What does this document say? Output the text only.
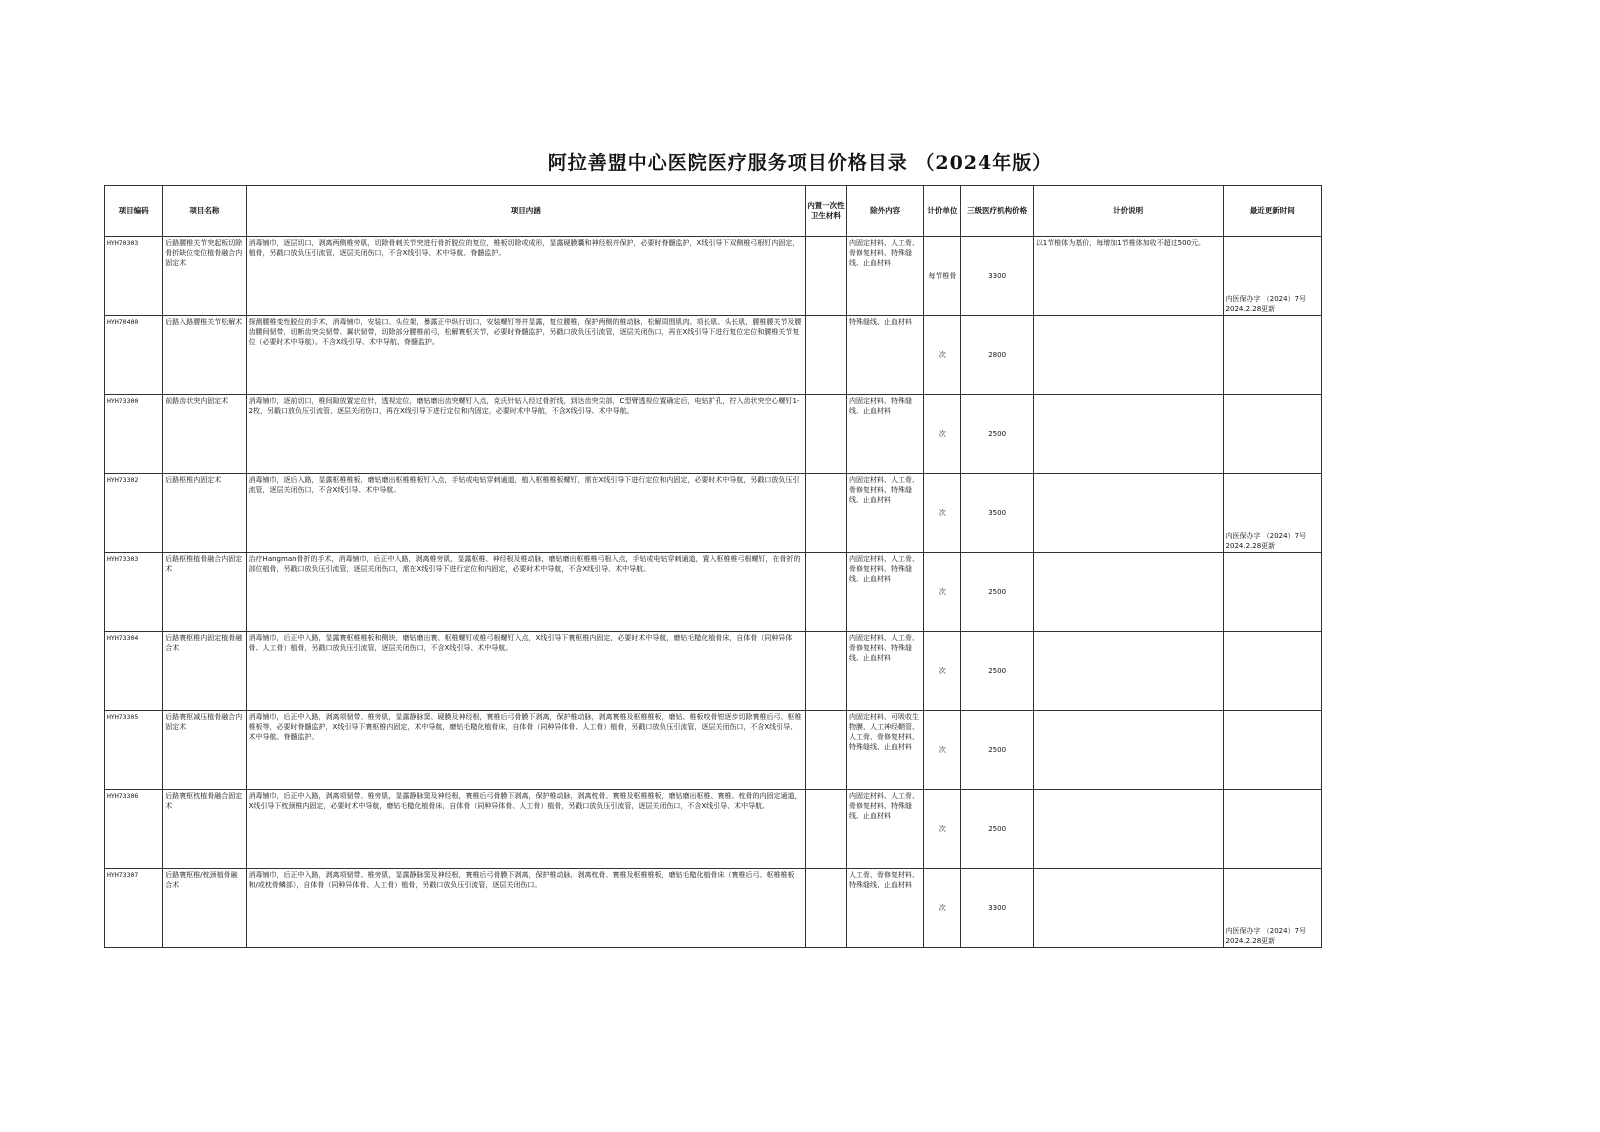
阿拉善盟中心医院医疗服务项目价格目录 （2024年版）
项目编码	项目名称	项目内涵	内置一次性卫生材料	除外内容	计价单位	三级医疗机构价格	计价说明	最近更新时间
HYH70303	后路腰椎关节突起板切除骨折缺位变位植骨融合内固定术	消毒铺巾，逐层切口，剥离两侧椎旁肌，切除骨刺关节突进行骨折脱位的复位，椎板切除或成形，显露硬膜囊和神经根并保护，必要时脊髓监护，X线引导下双侧椎弓根钉内固定，植骨，另戳口放负压引流管，逐层关闭伤口，不含X线引导、术中导航、脊髓监护。		内固定材料、人工骨、骨修复材料、特殊缝线、止血材料	每节椎骨	3300	以1节椎体为基价，每增加1节椎体加收不超过500元。	内医保办字 （2024）7号 2024.2.28更新
HYH70400	后路入路腰椎关节松解术	探测腰椎变性脱位的手术，消毒铺巾，安装口、头位架，暴露正中纵行切口，安装螺钉等并显露，复位腰椎，保护两侧的椎动脉，松解周围肌肉、项长肌、头长肌，腰椎腰关节及腰齿腰间韧带，切断齿突尖韧带、翼状韧带，切除部分腰椎前弓，松解寰枢关节，必要时脊髓监护，另戳口放负压引流管，逐层关闭伤口，再在X线引导下进行复位定位和腰椎关节复位（必要时术中导航）。不含X线引导、术中导航、脊髓监护。		特殊缝线、止血材料	次	2800		
HYH73300	前路齿状突内固定术	消毒铺巾，逐前切口，椎间隙放置定位针，透视定位，磨钻磨出齿突螺钉入点，克氏针钻入经过骨折线，到达齿突尖部，C型臂透视位置确定后，电钻扩孔，拧入齿状突空心螺钉1-2枚，另戳口放负压引流管，逐层关闭伤口，再在X线引导下进行定位和内固定，必要时术中导航，不含X线引导、术中导航。		内固定材料、特殊缝线、止血材料	次	2500		
HYH73302	后路枢椎内固定术	消毒铺巾，逐后入路，显露枢椎椎板，磨钻磨出枢椎椎板钉入点，手钻或电钻穿刺通道，植入枢椎椎板螺钉，需在X线引导下进行定位和内固定，必要时术中导航，另戳口放负压引流管，逐层关闭伤口，不含X线引导、术中导航。		内固定材料、人工骨、骨修复材料、特殊缝线、止血材料	次	3500		内医保办字 （2024）7号 2024.2.28更新
HYH73303	后路枢椎植骨融合内固定术	治疗Hangman骨折的手术，消毒铺巾，后正中入路，剥离椎旁肌，显露枢椎、神经根及椎动脉，磨钻磨出枢椎椎弓根入点，手钻或电钻穿刺通道，置入枢椎椎弓根螺钉，在骨折的部位植骨，另戳口放负压引流管，逐层关闭伤口，需在X线引导下进行定位和内固定，必要时术中导航，不含X线引导、术中导航。		内固定材料、人工骨、骨修复材料、特殊缝线、止血材料	次	2500		
HYH73304	后路寰枢椎内固定植骨融合术	消毒铺巾，后正中入路，显露寰枢椎椎板和侧块，磨钻磨出寰、枢椎螺钉或椎弓根螺钉入点，X线引导下寰枢椎内固定，必要时术中导航，磨钻毛糙化植骨床，自体骨（同种异体骨、人工骨）植骨，另戳口放负压引流管，逐层关闭伤口，不含X线引导、术中导航。		内固定材料、人工骨、骨修复材料、特殊缝线、止血材料	次	2500		
HYH73305	后路寰枢减压植骨融合内固定术	消毒铺巾，后正中入路，剥离项韧带、椎旁肌，显露静脉窦、硬膜及神经根，寰椎后弓骨膜下剥离，保护椎动脉，剥离寰椎及枢椎椎板，磨钻、椎板咬骨钳逐步切除寰椎后弓、枢椎椎板等，必要时脊髓监护，X线引导下寰枢椎内固定，术中导航，磨钻毛糙化植骨床，自体骨（同种异体骨、人工骨）植骨，另戳口放负压引流管，逐层关闭伤口，不含X线引导、术中导航、脊髓监护。		内固定材料、可吸收生物膜、人工神经鞘管、人工骨、骨修复材料、特殊缝线、止血材料	次	2500		
HYH73306	后路寰枢枕植骨融合固定术	消毒铺巾，后正中入路，剥离项韧带、椎旁肌，显露静脉窦及神经根，寰椎后弓骨膜下剥离，保护椎动脉，剥离枕骨、寰椎及枢椎椎板，磨钻磨出枢椎、寰椎、枕骨的内固定通道，X线引导下枕颈椎内固定，必要时术中导航，磨钻毛糙化植骨床，自体骨（同种异体骨、人工骨）植骨，另戳口放负压引流管，逐层关闭伤口，不含X线引导、术中导航。		内固定材料、人工骨、骨修复材料、特殊缝线、止血材料	次	2500		
HYH73307	后路寰枢椎/枕颈植骨融合术	消毒铺巾，后正中入路，剥离项韧带、椎旁肌，显露静脉窦及神经根，寰椎后弓骨膜下剥离，保护椎动脉，剥离枕骨、寰椎及枢椎椎板，磨钻毛糙化植骨床（寰椎后弓、枢椎椎板和/或枕骨鳞部），自体骨（同种异体骨、人工骨）植骨，另戳口放负压引流管，逐层关闭伤口。		人工骨、骨修复材料、特殊缝线、止血材料	次	3300		内医保办字 （2024）7号 2024.2.28更新
